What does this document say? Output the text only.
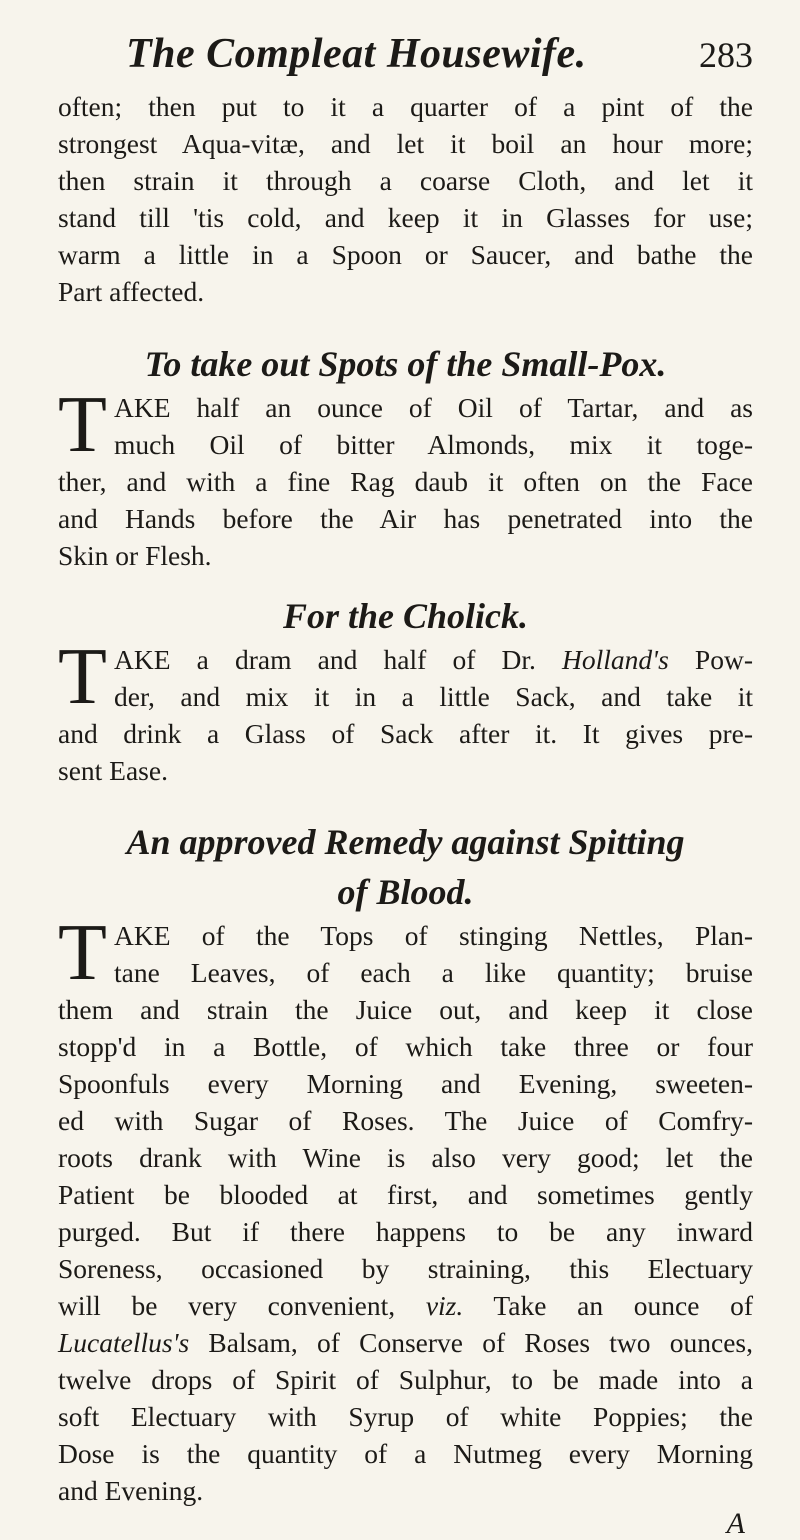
The Compleat Housewife.	283
often; then put to it a quarter of a pint of the
strongest Aqua-vitæ, and let it boil an hour more;
then strain it through a coarse Cloth, and let it
stand till 'tis cold, and keep it in Glasses for use;
warm a little in a Spoon or Saucer, and bathe the
Part affected.
To take out Spots of the Small-Pox.
T AKE half an ounce of Oil of Tartar, and as
much Oil of bitter Almonds, mix it toge-
ther, and with a fine Rag daub it often on the Face
and Hands before the Air has penetrated into the
Skin or Flesh.
For the Cholick.
T AKE a dram and half of Dr. Holland's Pow-
der, and mix it in a little Sack, and take it
and drink a Glass of Sack after it. It gives pre-
sent Ease.
An approved Remedy against Spitting
of Blood.
T AKE of the Tops of stinging Nettles, Plan-
tane Leaves, of each a like quantity; bruise
them and strain the Juice out, and keep it close
stopp'd in a Bottle, of which take three or four
Spoonfuls every Morning and Evening, sweeten-
ed with Sugar of Roses. The Juice of Comfry-
roots drank with Wine is also very good; let the
Patient be blooded at first, and sometimes gently
purged. But if there happens to be any inward
Soreness, occasioned by straining, this Electuary
will be very convenient, viz. Take an ounce of
Lucatellus's Balsam, of Conserve of Roses two ounces,
twelve drops of Spirit of Sulphur, to be made into a
soft Electuary with Syrup of white Poppies; the
Dose is the quantity of a Nutmeg every Morning
and Evening.
A
